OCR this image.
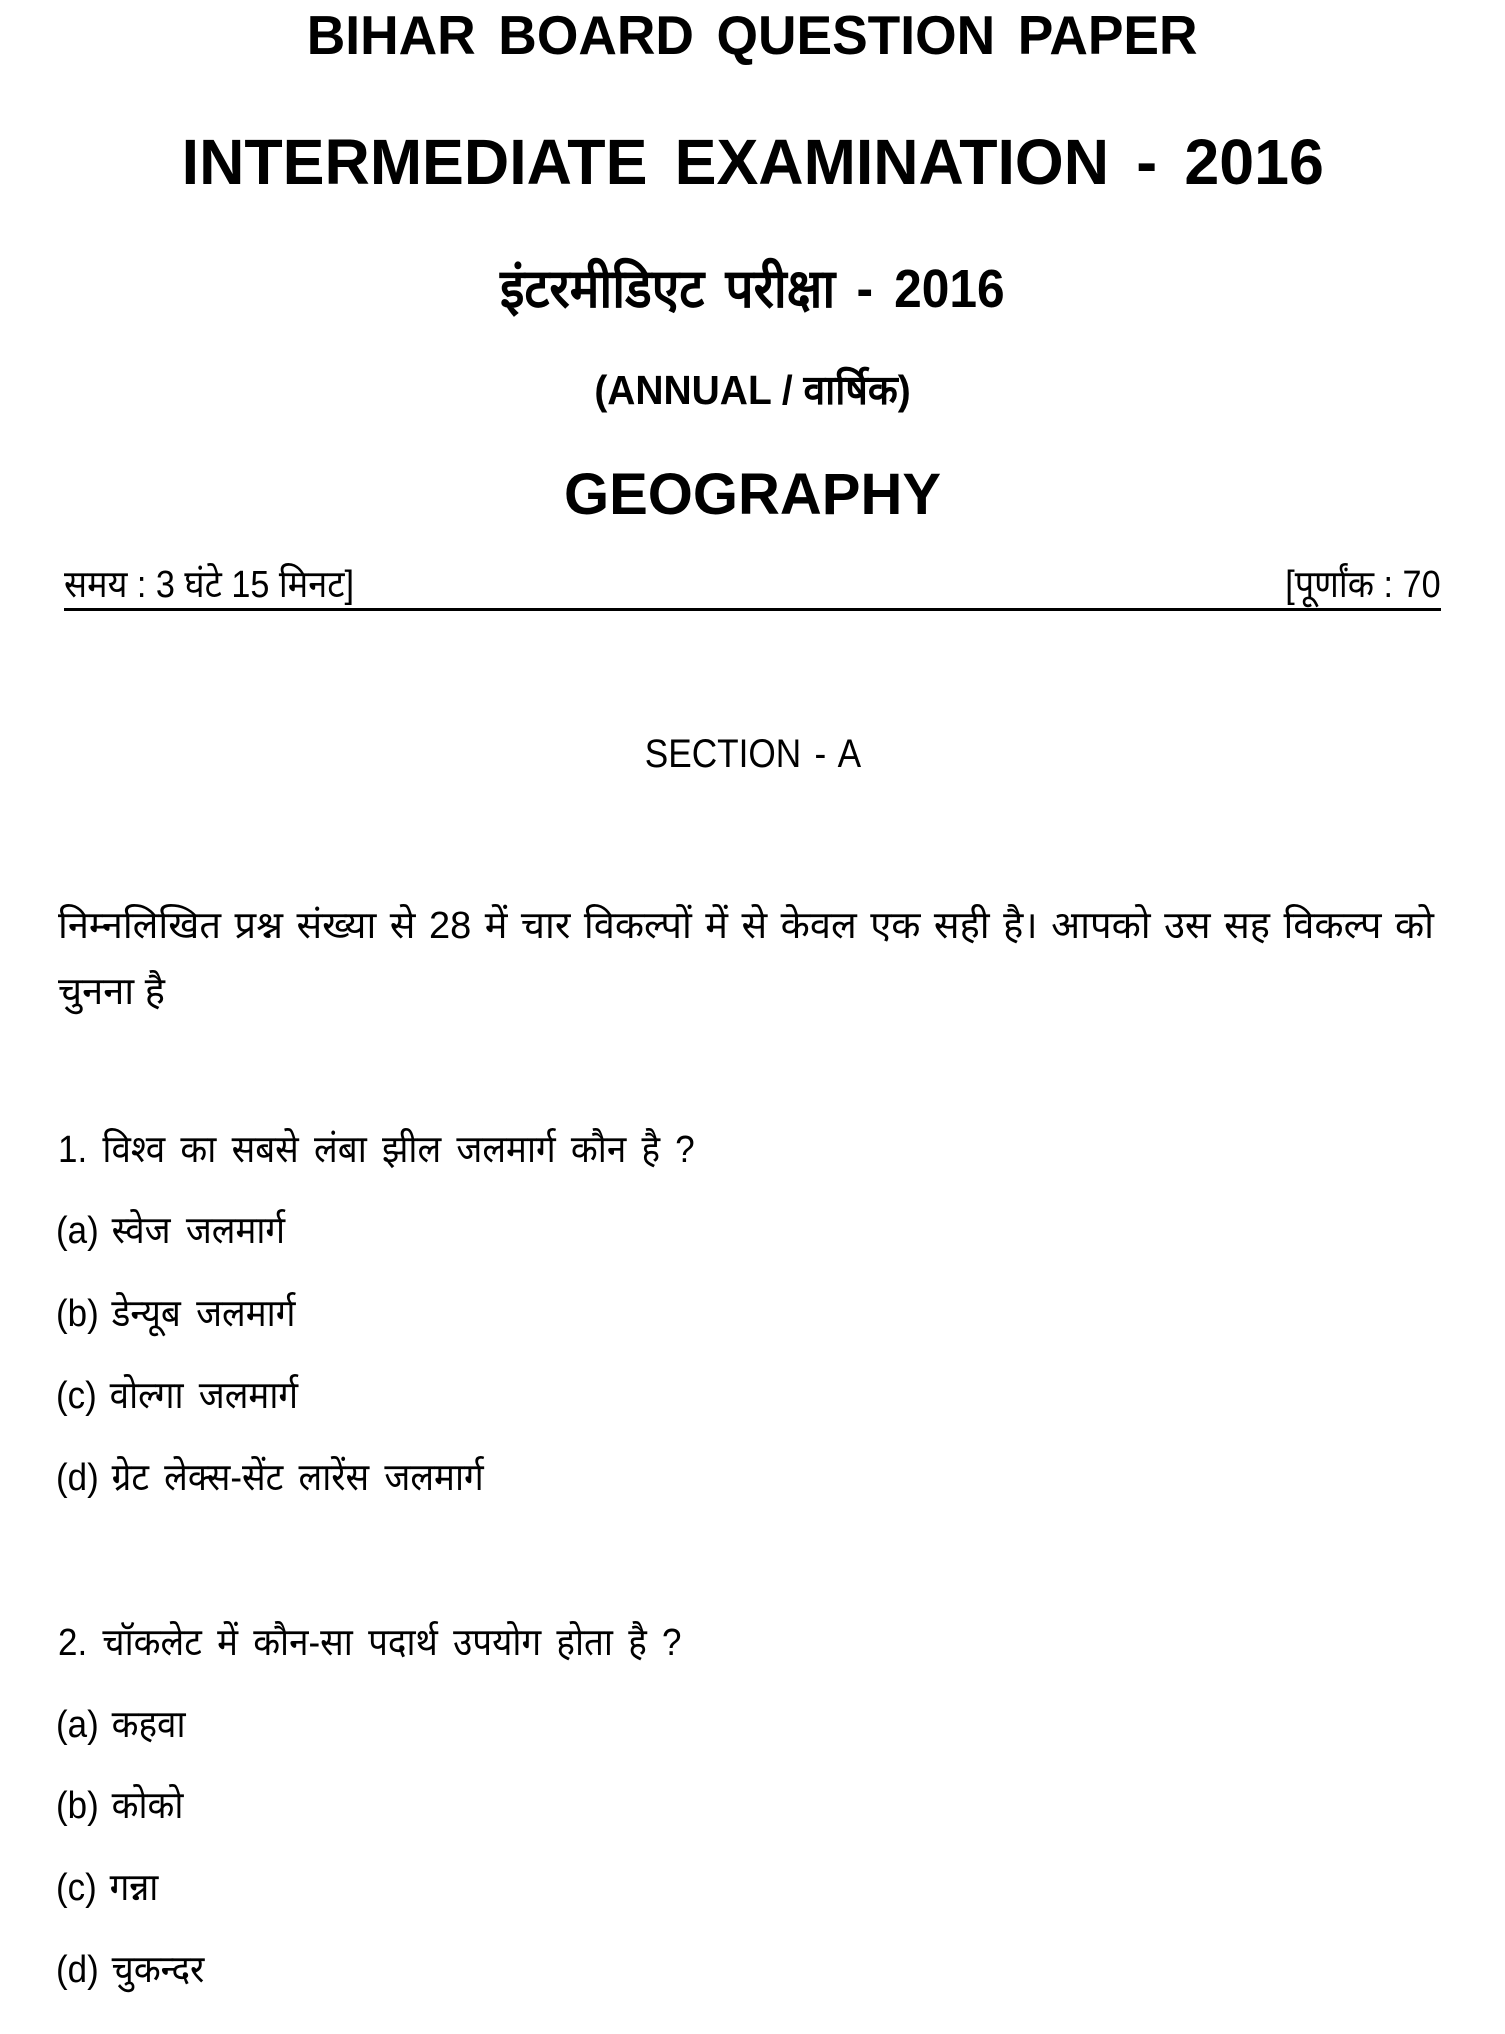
BIHAR BOARD QUESTION PAPER
INTERMEDIATE EXAMINATION - 2016
इंटरमीडिएट परीक्षा - 2016
(ANNUAL / वार्षिक)
GEOGRAPHY
समय : 3 घंटे 15 मिनट]	[पूर्णांक : 70
SECTION - A
निम्नलिखित प्रश्न संख्या से 28 में चार विकल्पों में से केवल एक सही है। आपको उस सह विकल्प को चुनना है
1. विश्व का सबसे लंबा झील जलमार्ग कौन है ?
(a) स्वेज जलमार्ग
(b) डेन्यूब जलमार्ग
(c) वोल्गा जलमार्ग
(d) ग्रेट लेक्स-सेंट लारेंस जलमार्ग
2. चॉकलेट में कौन-सा पदार्थ उपयोग होता है ?
(a) कहवा
(b) कोको
(c) गन्ना
(d) चुकन्दर
